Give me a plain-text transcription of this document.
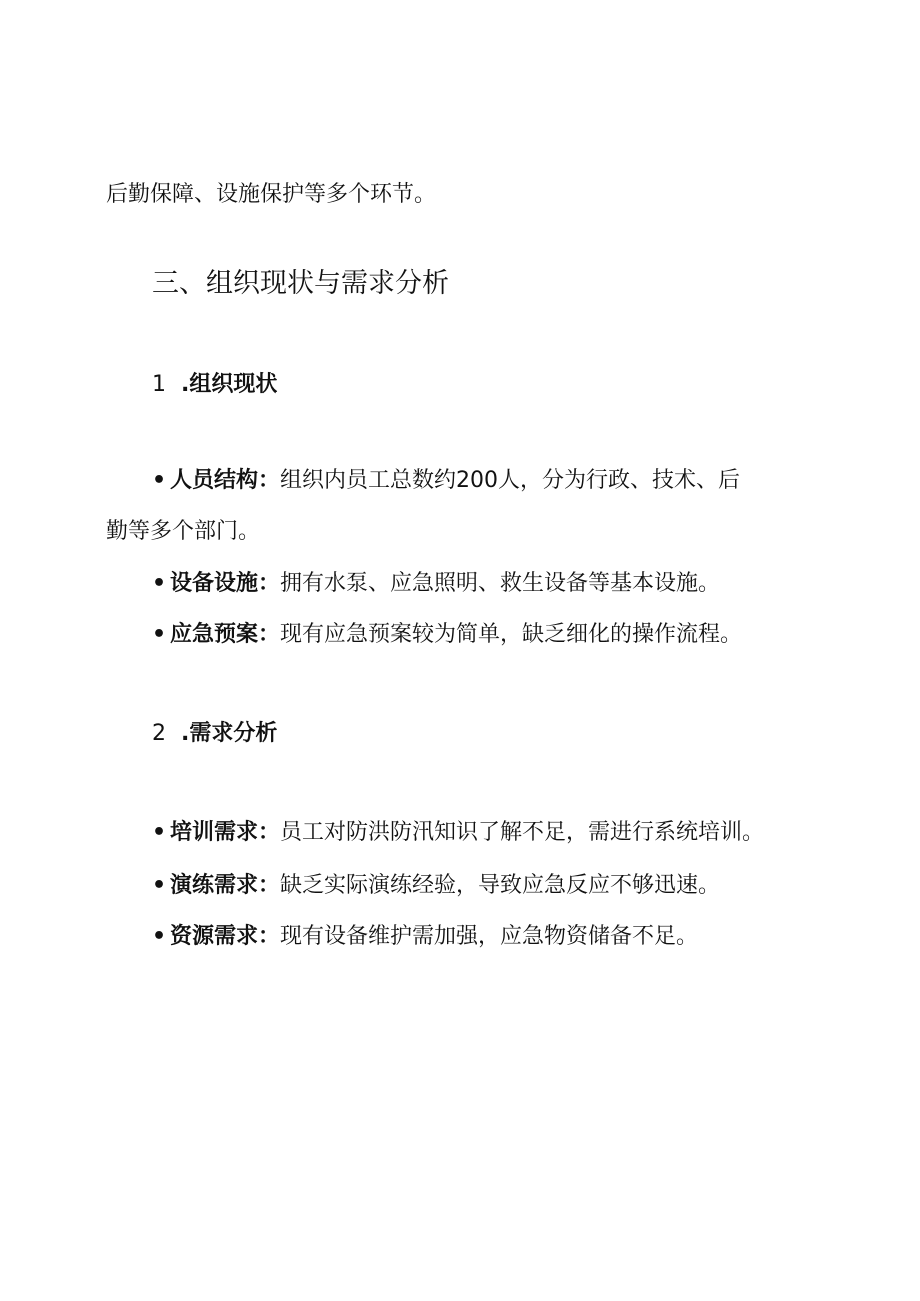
后勤保障、设施保护等多个环节。
三、组织现状与需求分析
1 .组织现状
• 人员结构：组织内员工总数约200人，分为行政、技术、后
勤等多个部门。
• 设备设施：拥有水泵、应急照明、救生设备等基本设施。
• 应急预案：现有应急预案较为简单，缺乏细化的操作流程。
2 .需求分析
• 培训需求：员工对防洪防汛知识了解不足，需进行系统培训。
• 演练需求：缺乏实际演练经验，导致应急反应不够迅速。
• 资源需求：现有设备维护需加强，应急物资储备不足。
